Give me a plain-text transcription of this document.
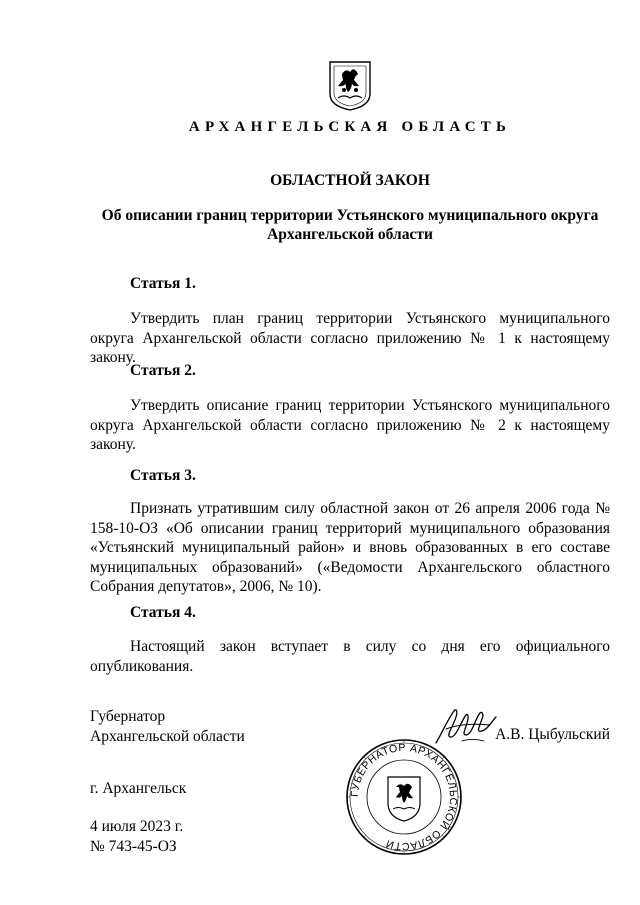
АРХАНГЕЛЬСКАЯ ОБЛАСТЬ
ОБЛАСТНОЙ ЗАКОН
Об описании границ территории Устьянского муниципального округа
Архангельской области
Статья 1.

Утвердить план границ территории Устьянского муниципального округа Архангельской области согласно приложению № 1 к настоящему закону.

Статья 2.

Утвердить описание границ территории Устьянского муниципального округа Архангельской области согласно приложению № 2 к настоящему закону.

Статья 3.

Признать утратившим силу областной закон от 26 апреля 2006 года № 158-10-ОЗ «Об описании границ территорий муниципального образования «Устьянский муниципальный район» и вновь образованных в его составе муниципальных образований» («Ведомости Архангельского областного Собрания депутатов», 2006, № 10).

Статья 4.

Настоящий закон вступает в силу со дня его официального опубликования.

Губернатор
Архангельской области	А.В. Цыбульский
ГУБЕРНАТОР АРХАНГЕЛЬСКОЙ ОБЛАСТИ
г. Архангельск
4 июля 2023 г.
№ 743-45-ОЗ
